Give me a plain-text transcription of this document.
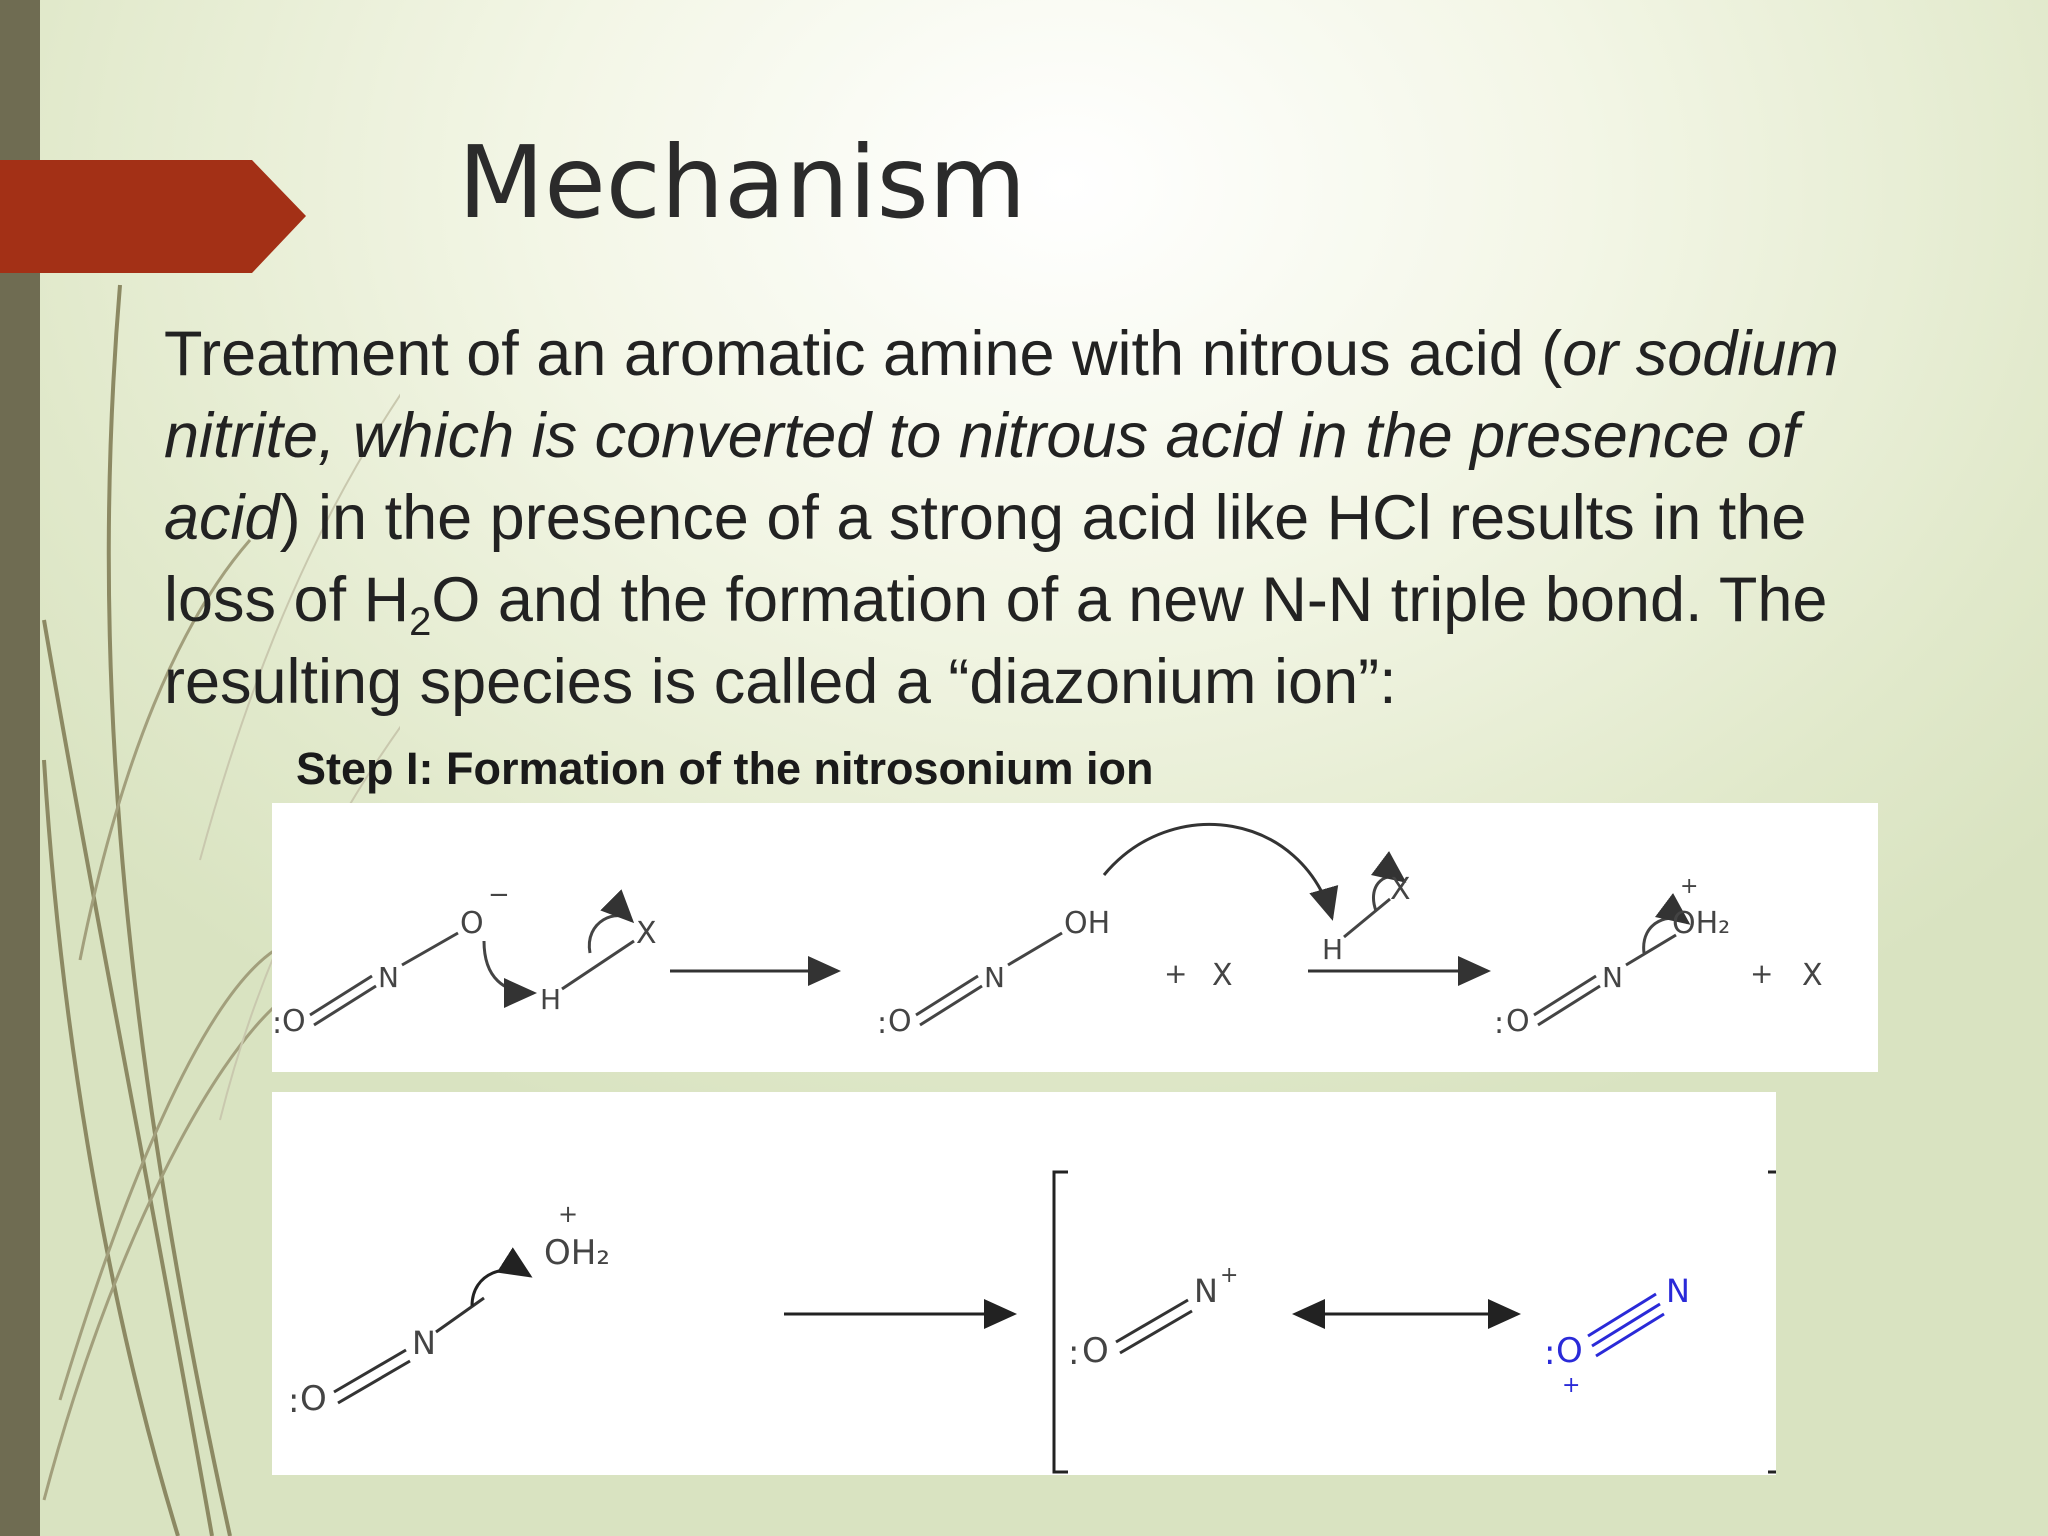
Mechanism

Treatment of an aromatic amine with nitrous acid (or sodium nitrite, which is converted to nitrous acid in the presence of acid) in the presence of a strong acid like HCl results in the loss of $H_2O$ and the formation of a new N-N triple bond. The resulting species is called a “diazonium ion”:

Step I: Formation of the nitrosonium ion
: O
N
O
−
H
X
: O
N
OH
+ X
H
X
: O
N
+
OH₂
+ X
: O
N
+
OH₂
: O
N +
: O
+
N
